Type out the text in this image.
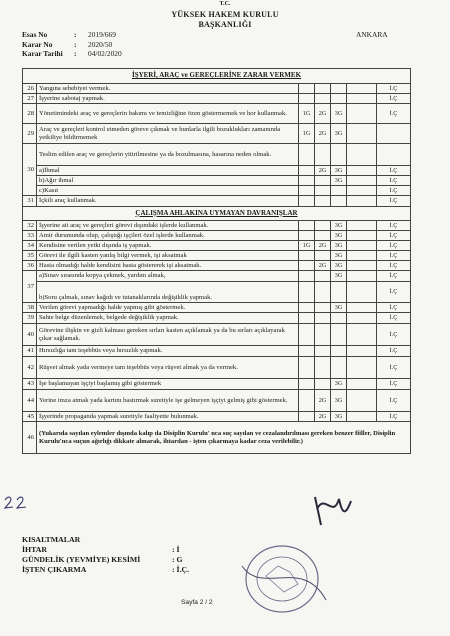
T.C.
YÜKSEK HAKEM KURULU
BAŞKANLIĞI
Esas No	:	2019/669
Karar No	:	2020/50
Karar Tarihi	:	04/02/2020
ANKARA
İŞYERİ, ARAÇ ve GEREÇLERİNE ZARAR VERMEK						
26	Yangına sebebiyet vermek.					İ.Ç
27	İşyerine sabotaj yapmak.					İ.Ç
28	Yönetimindeki araç ve gereçlerin bakımı ve temizliğine özen göstermemek ve hor kullanmak.	1G	2G	3G		İ.Ç
29	Araç ve gereçleri kontrol etmeden göreve çıkmak ve bunlarla ilgili bozuklukları zamanında yetkiliye bildirmemek	1G	2G	3G		
30	Teslim edilen araç ve gereçlerin yitirilmesine ya da bozulmasına, hasarına neden olmak.					
	a)İhmal		2G	3G		İ.Ç
	b)Ağır ihmal			3G		İ.Ç
	c)Kasıt					İ.Ç
31	İçkili araç kullanmak.					İ.Ç
ÇALIŞMA AHLAKINA UYMAYAN DAVRANIŞLAR						
32	İşyerine ait araç ve gereçleri görevi dışındaki işlerde kullanmak.			3G		İ.Ç
33	Amir durumunda olup, çalıştığı işçileri özel işlerde kullanmak.			3G		İ.Ç
34	Kendisine verilen yetki dışında iş yapmak.	1G	2G	3G		İ.Ç
35	Görevi ile ilgili kasten yanlış bilgi vermek, işi aksatmak			3G		İ.Ç
36	Hasta olmadığı halde kendisini hasta göstererek işi aksatmak.		2G	3G		İ.Ç
37	a)Sınav sırasında kopya çekmek, yardım almak,			3G		İ.Ç
	b)Soru çalmak, sınav kağıdı ve tutanaklarında değişiklik yapmak.					İ.Ç
38	Verilen görevi yapmadığı halde yapmış gibi göstermek.			3G		İ.Ç
39	Sahte belge düzenlemek, belgede değişiklik yapmak.					İ.Ç
40	Görevine ilişkin ve gizli kalması gereken sırları kasten açıklamak ya da bu sırları açıklayarak çıkar sağlamak.					İ.Ç
41	Hırsızlığa tam teşebbüs veya hırsızlık yapmak.					İ.Ç
42	Rüşvet almak yada vermeye tam teşebbüs veya rüşvet almak ya da vermek.					İ.Ç
43	İşe başlamayan işçiyi başlamış gibi göstermek			3G		İ.Ç
44	Yerine imza atmak yada kartını bastırmak suretiyle işe gelmeyen işçiyi gelmiş gibi göstermek.		2G	3G		İ.Ç
45	İşyerinde propaganda yapmak suretiyle faaliyette bulunmak.		2G	3G		İ.Ç
46	(Yukarıda sayılan eylemler dışında kalıp da Disiplin Kurulu' nca suç sayılan ve cezalandırılması gereken benzer fiiller, Disiplin Kurulu'nca suçun ağırlığı dikkate alınarak, ihtardan - işten çıkarmaya kadar ceza verilebilir.)					
KISALTMALAR
İHTAR	: İ
GÜNDELİK (YEVMİYE) KESİMİ	: G
İŞTEN ÇIKARMA	: İ.Ç.
Sayfa 2 / 2
